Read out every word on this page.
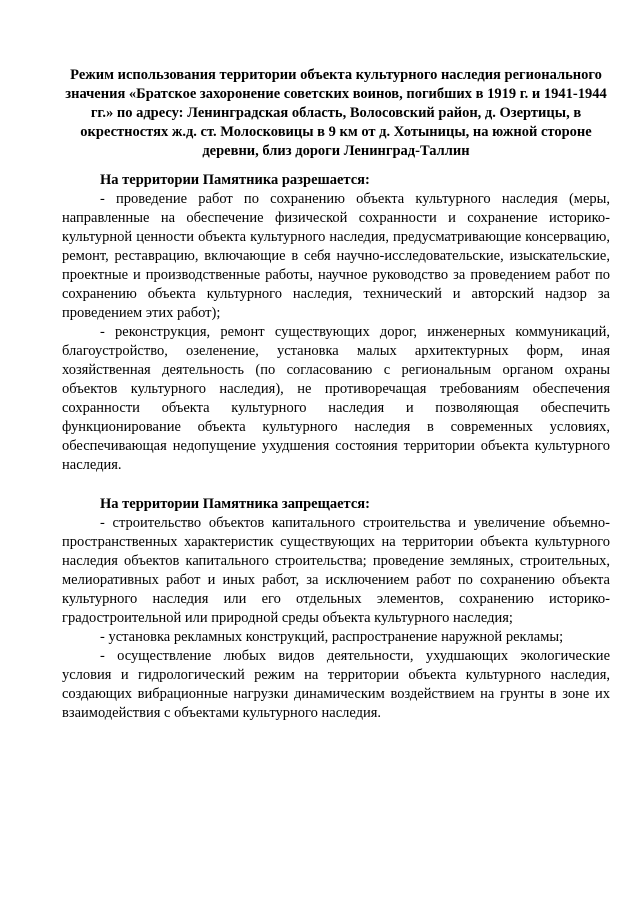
Режим использования территории объекта культурного наследия регионального значения «Братское захоронение советских воинов, погибших в 1919 г. и 1941-1944 гг.» по адресу: Ленинградская область, Волосовский район, д. Озертицы, в окрестностях ж.д. ст. Молосковицы в 9 км от д. Хотыницы, на южной стороне деревни, близ дороги Ленинград-Таллин

На территории Памятника разрешается:

- проведение работ по сохранению объекта культурного наследия (меры, направленные на обеспечение физической сохранности и сохранение историко-культурной ценности объекта культурного наследия, предусматривающие консервацию, ремонт, реставрацию, включающие в себя научно-исследовательские, изыскательские, проектные и производственные работы, научное руководство за проведением работ по сохранению объекта культурного наследия, технический и авторский надзор за проведением этих работ);

- реконструкция, ремонт существующих дорог, инженерных коммуникаций, благоустройство, озеленение, установка малых архитектурных форм, иная хозяйственная деятельность (по согласованию с региональным органом охраны объектов культурного наследия), не противоречащая требованиям обеспечения сохранности объекта культурного наследия и позволяющая обеспечить функционирование объекта культурного наследия в современных условиях, обеспечивающая недопущение ухудшения состояния территории объекта культурного наследия.

На территории Памятника запрещается:

- строительство объектов капитального строительства и увеличение объемно-пространственных характеристик существующих на территории объекта культурного наследия объектов капитального строительства; проведение земляных, строительных, мелиоративных работ и иных работ, за исключением работ по сохранению объекта культурного наследия или его отдельных элементов, сохранению историко-градостроительной или природной среды объекта культурного наследия;

- установка рекламных конструкций, распространение наружной рекламы;

- осуществление любых видов деятельности, ухудшающих экологические условия и гидрологический режим на территории объекта культурного наследия, создающих вибрационные нагрузки динамическим воздействием на грунты в зоне их взаимодействия с объектами культурного наследия.
